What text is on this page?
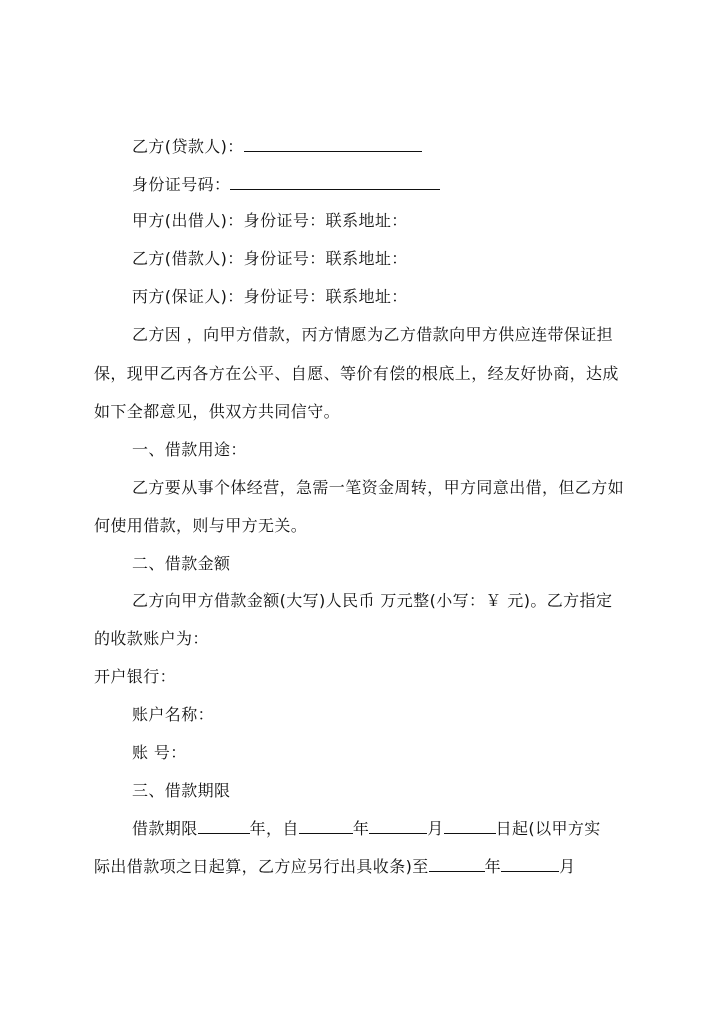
乙方(贷款人)：
身份证号码：
甲方(出借人)：身份证号：联系地址：
乙方(借款人)：身份证号：联系地址：
丙方(保证人)：身份证号：联系地址：
乙方因 ，向甲方借款，丙方情愿为乙方借款向甲方供应连带保证担
保，现甲乙丙各方在公平、自愿、等价有偿的根底上，经友好协商，达成
如下全都意见，供双方共同信守。
一、借款用途：
乙方要从事个体经营，急需一笔资金周转，甲方同意出借，但乙方如
何使用借款，则与甲方无关。
二、借款金额
乙方向甲方借款金额(大写)人民币 万元整(小写：￥ 元)。乙方指定
的收款账户为：
开户银行：
账户名称：
账 号：
三、借款期限
借款期限	年，自	年	月	日起(以甲方实
际出借款项之日起算，乙方应另行出具收条)至	年	月
